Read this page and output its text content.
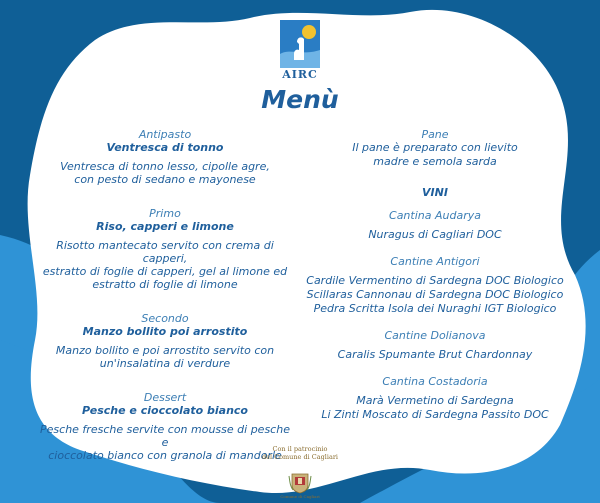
AIRC
Menù
Antipasto
Ventresca di tonno
Ventresca di tonno lesso, cipolle agre,
con pesto di sedano e mayonese
Primo
Riso, capperi e limone
Risotto mantecato servito con crema di capperi,
estratto di foglie di capperi, gel al limone ed
estratto di foglie di limone
Secondo
Manzo bollito poi arrostito
Manzo bollito e poi arrostito servito con
un'insalatina di verdure
Dessert
Pesche e cioccolato bianco
Pesche fresche servite con mousse di pesche e
cioccolato bianco con granola di mandorle
Pane
Il pane è preparato con lievito
madre e semola sarda
VINI
Cantina Audarya
Nuragus di Cagliari DOC
Cantine Antigori
Cardile Vermentino di Sardegna DOC Biologico
Scillaras Cannonau di Sardegna DOC Biologico
Pedra Scritta Isola dei Nuraghi IGT Biologico
Cantine Dolianova
Caralis Spumante Brut Chardonnay
Cantina Costadoria
Marà Vermetino di Sardegna
Li Zinti Moscato di Sardegna Passito DOC
Con il patrocinio
del Comune di Cagliari
Comune di Cagliari
